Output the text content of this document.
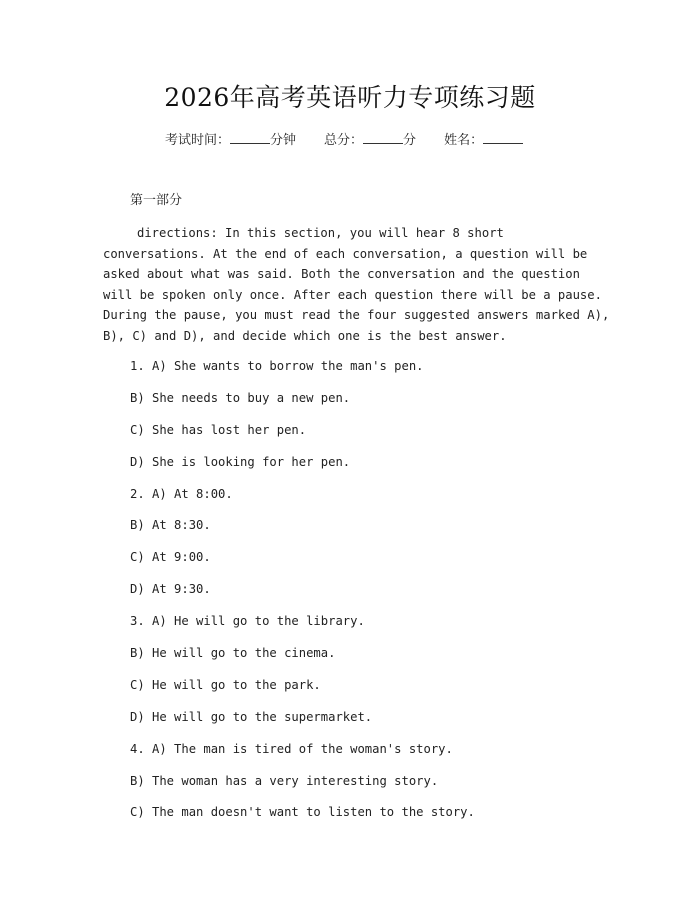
2026年高考英语听力专项练习题
考试时间：	分钟 总分：	分 姓名：
第一部分
directions: In this section, you will hear 8 short conversations. At the end of each conversation, a question will be asked about what was said. Both the conversation and the question will be spoken only once. After each question there will be a pause. During the pause, you must read the four suggested answers marked A), B), C) and D), and decide which one is the best answer.
1. A) She wants to borrow the man's pen.
B) She needs to buy a new pen.
C) She has lost her pen.
D) She is looking for her pen.
2. A) At 8:00.
B) At 8:30.
C) At 9:00.
D) At 9:30.
3. A) He will go to the library.
B) He will go to the cinema.
C) He will go to the park.
D) He will go to the supermarket.
4. A) The man is tired of the woman's story.
B) The woman has a very interesting story.
C) The man doesn't want to listen to the story.
